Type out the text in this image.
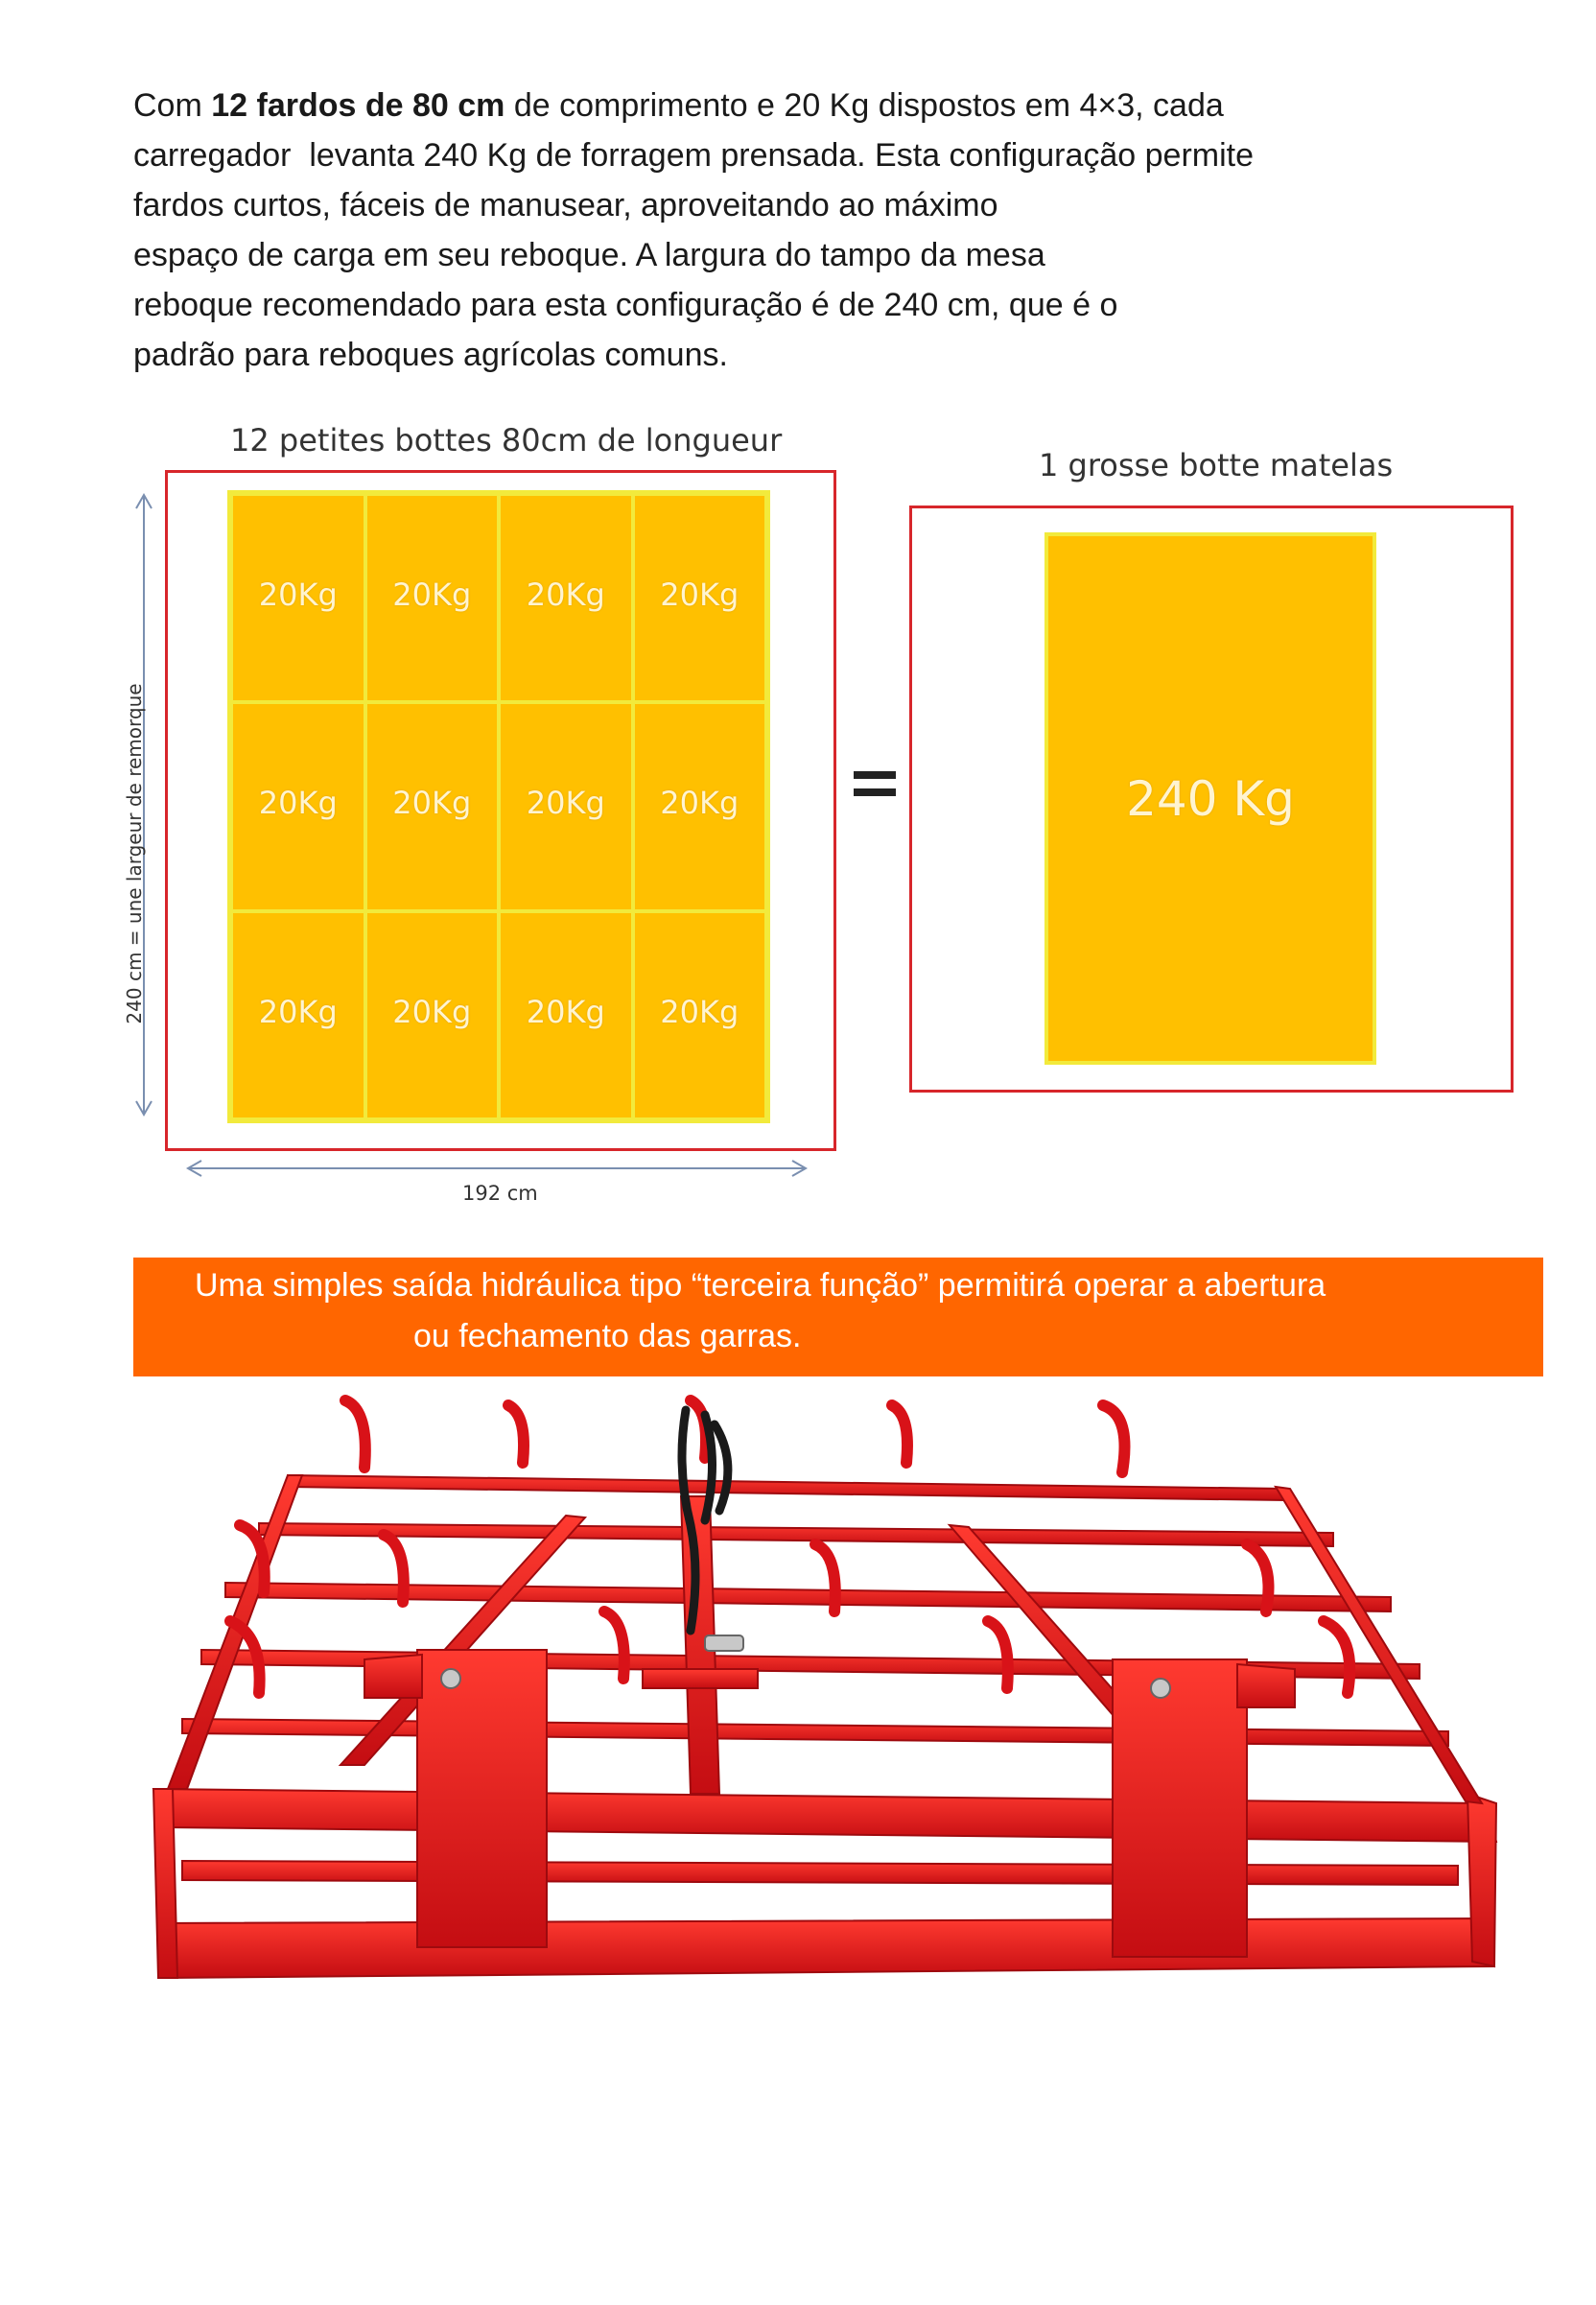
Com 12 fardos de 80 cm de comprimento e 20 Kg dispostos em 4×3, cada
carregador  levanta 240 Kg de forragem prensada. Esta configuração permite
fardos curtos, fáceis de manusear, aproveitando ao máximo
espaço de carga em seu reboque. A largura do tampo da mesa
reboque recomendado para esta configuração é de 240 cm, que é o
padrão para reboques agrícolas comuns.
12 petites bottes 80cm de longueur
1 grosse botte matelas
20Kg	20Kg	20Kg	20Kg
20Kg	20Kg	20Kg	20Kg
20Kg	20Kg	20Kg	20Kg
240 cm = une largeur de remorque
192 cm
240 Kg
Uma simples saída hidráulica tipo “terceira função” permitirá operar a abertura
ou fechamento das garras.
